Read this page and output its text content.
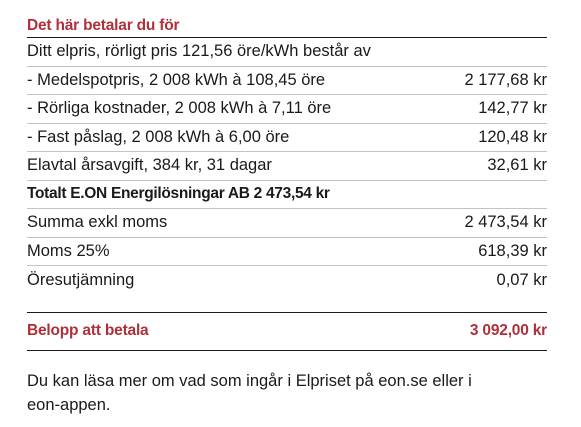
Det här betalar du för
Ditt elpris, rörligt pris 121,56 öre/kWh består av
- Medelspotpris, 2 008 kWh à 108,45 öre	2 177,68 kr
- Rörliga kostnader, 2 008 kWh à 7,11 öre	142,77 kr
- Fast påslag, 2 008 kWh à 6,00 öre	120,48 kr
Elavtal årsavgift, 384 kr, 31 dagar	32,61 kr
Totalt E.ON Energilösningar AB 2 473,54 kr
Summa exkl moms	2 473,54 kr
Moms 25%	618,39 kr
Öresutjämning	0,07 kr
Belopp att betala	3 092,00 kr

Du kan läsa mer om vad som ingår i Elpriset på eon.se eller i eon-appen.
